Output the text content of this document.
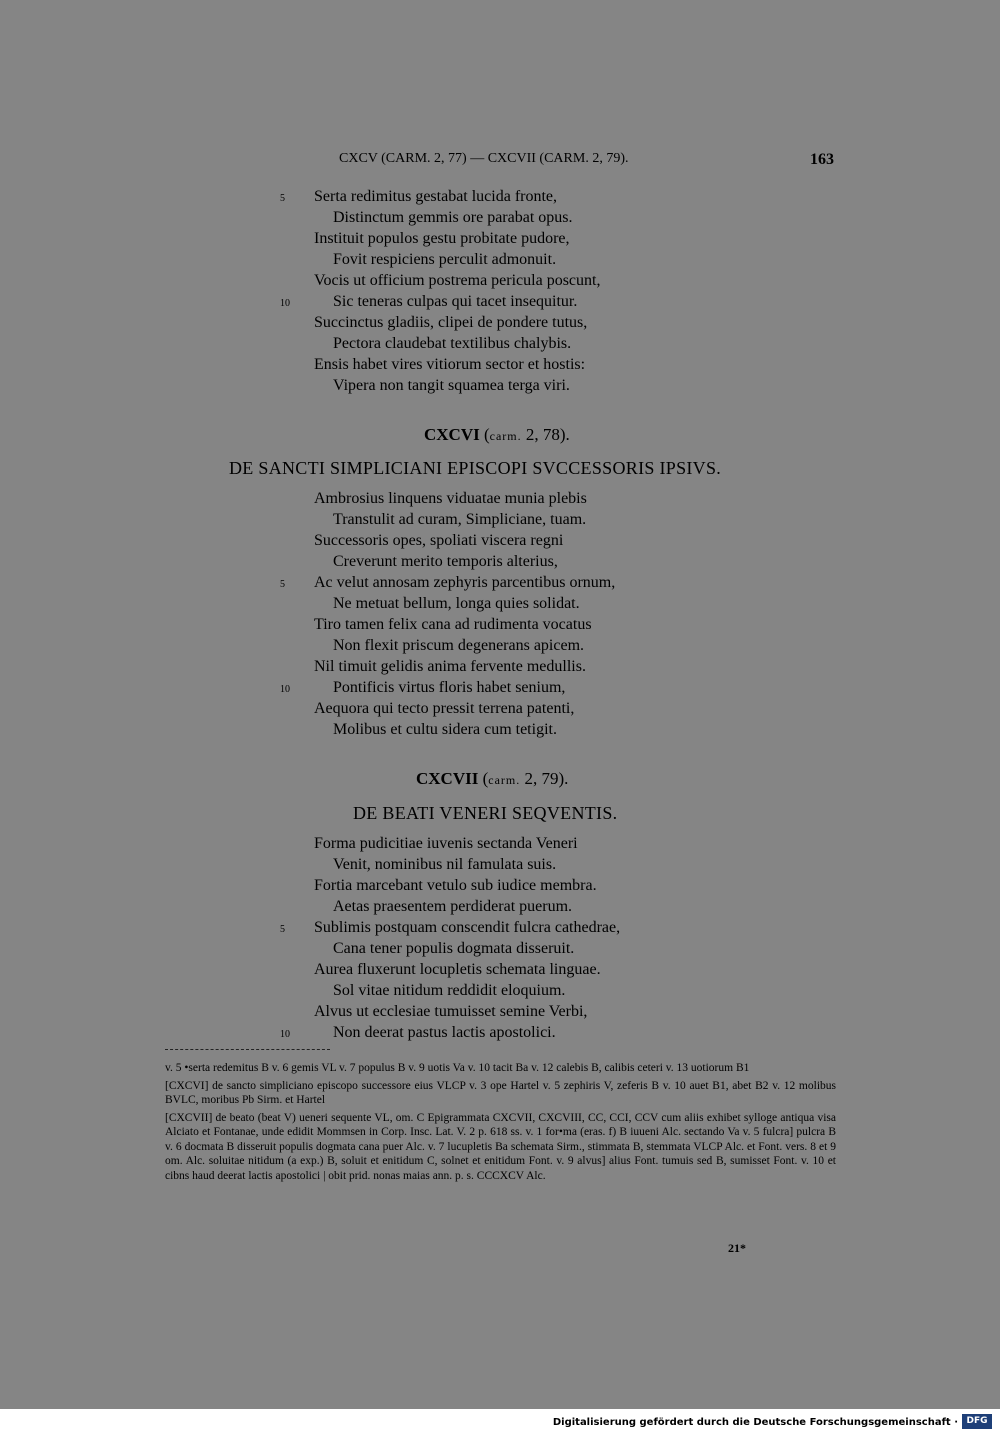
CXCV (CARM. 2, 77) — CXCVII (CARM. 2, 79).	163
5 Serta redimitus gestabat lucida fronte,
Distinctum gemmis ore parabat opus.
Instituit populos gestu probitate pudore,
Fovit respiciens perculit admonuit.
Vocis ut officium postrema pericula poscunt,
10	Sic teneras culpas qui tacet insequitur.
Succinctus gladiis, clipei de pondere tutus,
Pectora claudebat textilibus chalybis.
Ensis habet vires vitiorum sector et hostis:
Vipera non tangit squamea terga viri.
CXCVI (carm. 2, 78).
DE SANCTI SIMPLICIANI EPISCOPI SVCCESSORIS IPSIVS.
Ambrosius linquens viduatae munia plebis
Transtulit ad curam, Simpliciane, tuam.
Successoris opes, spoliati viscera regni
Creverunt merito temporis alterius,
5 Ac velut annosam zephyris parcentibus ornum,
Ne metuat bellum, longa quies solidat.
Tiro tamen felix cana ad rudimenta vocatus
Non flexit priscum degenerans apicem.
Nil timuit gelidis anima fervente medullis.
10	Pontificis virtus floris habet senium,
Aequora qui tecto pressit terrena patenti,
Molibus et cultu sidera cum tetigit.
CXCVII (carm. 2, 79).
DE BEATI VENERI SEQVENTIS.
Forma pudicitiae iuvenis sectanda Veneri
Venit, nominibus nil famulata suis.
Fortia marcebant vetulo sub iudice membra.
Aetas praesentem perdiderat puerum.
5 Sublimis postquam conscendit fulcra cathedrae,
Cana tener populis dogmata disseruit.
Aurea fluxerunt locupletis schemata linguae.
Sol vitae nitidum reddidit eloquium.
Alvus ut ecclesiae tumuisset semine Verbi,
10	Non deerat pastus lactis apostolici.

v. 5 •serta redemitus B v. 6 gemis VL v. 7 populus B v. 9 uotis Va v. 10 tacit Ba v. 12 calebis B, calibis ceteri v. 13 uotiorum B1

[CXCVI] de sancto simpliciano episcopo successore eius VLCP v. 3 ope Hartel v. 5 zephiris V, zeferis B v. 10 auet B1, abet B2 v. 12 molibus BVLC, moribus Pb Sirm. et Hartel

[CXCVII] de beato (beat V) ueneri sequente VL, om. C Epigrammata CXCVII, CXCVIII, CC, CCI, CCV cum aliis exhibet sylloge antiqua visa Alciato et Fontanae, unde edidit Mommsen in Corp. Insc. Lat. V. 2 p. 618 ss. v. 1 for•ma (eras. f) B iuueni Alc. sectando Va v. 5 fulcra] pulcra B v. 6 docmata B disseruit populis dogmata cana puer Alc. v. 7 lucupletis Ba schemata Sirm., stimmata B, stemmata VLCP Alc. et Font. vers. 8 et 9 om. Alc. soluitae nitidum (a exp.) B, soluit et enitidum C, solnet et enitidum Font. v. 9 alvus] alius Font. tumuis sed B, sumisset Font. v. 10 et cibns haud deerat lactis apostolici | obit prid. nonas maias ann. p. s. CCCXCV Alc.

21*
Digitalisierung gefördert durch die Deutsche Forschungsgemeinschaft · DFG
